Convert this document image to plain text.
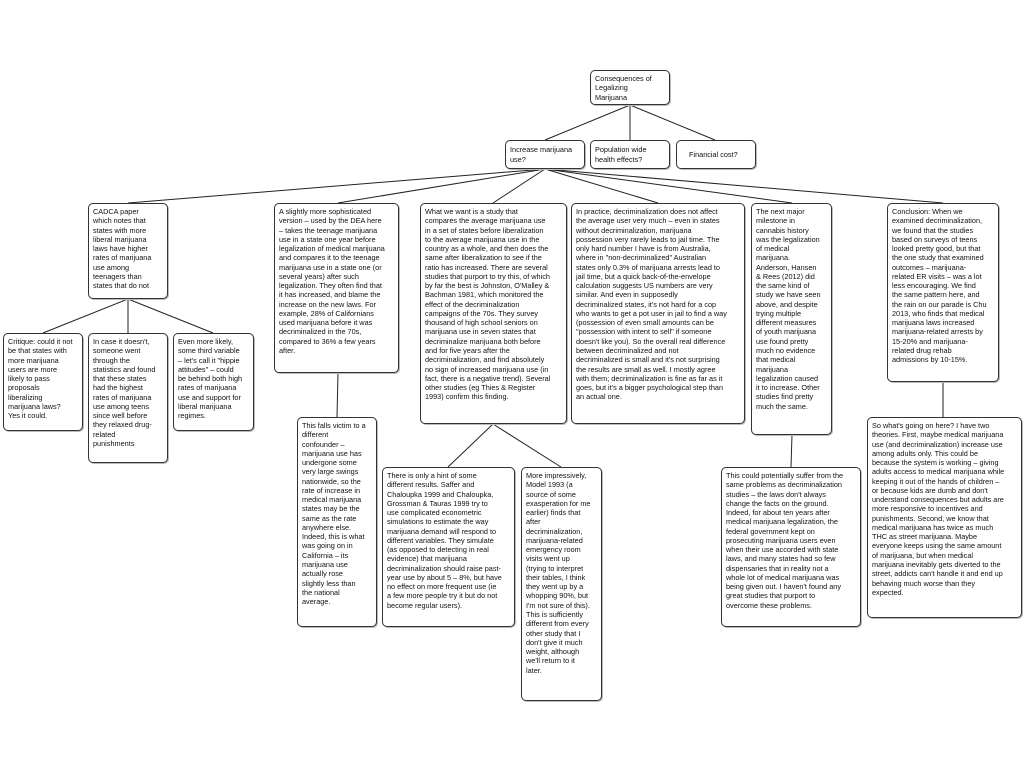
Consequences of
Legalizing
Marijuana
Increase marijuana
use?
Population wide
health effects?
Financial cost?
CADCA paper
which notes that
states with more
liberal marijuana
laws have higher
rates of marijuana
use among
teenagers than
states that do not
Critique: could it not
be that states with
more marijuana
users are more
likely to pass
proposals
liberalizing
marijuana laws?
Yes it could.
In case it doesn't,
someone went
through the
statistics and found
that these states
had the highest
rates of marijuana
use among teens
since well before
they relaxed drug-
related
punishments
Even more likely,
some third variable
– let's call it "hippie
attitudes" – could
be behind both high
rates of marijuana
use and support for
liberal marijuana
regimes.
A slightly more sophisticated
version – used by the DEA here
– takes the teenage marijuana
use in a state one year before
legalization of medical marijuana
and compares it to the teenage
marijuana use in a state one (or
several years) after such
legalization. They often find that
it has increased, and blame the
increase on the new laws. For
example, 28% of Californians
used marijuana before it was
decriminalized in the 70s,
compared to 36% a few years
after.
This falls victim to a
different
confounder –
marijuana use has
undergone some
very large swings
nationwide, so the
rate of increase in
medical marijuana
states may be the
same as the rate
anywhere else.
Indeed, this is what
was going on in
California – its
marijuana use
actually rose
slightly less than
the national
average.
What we want is a study that
compares the average marijuana use
in a set of states before liberalization
to the average marijuana use in the
country as a whole, and then does the
same after liberalization to see if the
ratio has increased. There are several
studies that purport to try this, of which
by far the best is Johnston, O'Malley &
Bachman 1981, which monitored the
effect of the decriminalization
campaigns of the 70s. They survey
thousand of high school seniors on
marijuana use in seven states that
decriminalize marijuana both before
and for five years after the
decriminalization, and find absolutely
no sign of increased marijuana use (in
fact, there is a negative trend). Several
other studies (eg Thies & Register
1993) confirm this finding.
There is only a hint of some
different results. Saffer and
Chaloupka 1999 and Chaloupka,
Grossman & Tauras 1999 try to
use complicated econometric
simulations to estimate the way
marijuana demand will respond to
different variables. They simulate
(as opposed to detecting in real
evidence) that marijuana
decriminalization should raise past-
year use by about 5 – 8%, but have
no effect on more frequent use (ie
a few more people try it but do not
become regular users).
More impressively,
Model 1993 (a
source of some
exasperation for me
earlier) finds that
after
decriminalization,
marijuana-related
emergency room
visits went up
(trying to interpret
their tables, I think
they went up by a
whopping 90%, but
I'm not sure of this).
This is sufficiently
different from every
other study that I
don't give it much
weight, although
we'll return to it
later.
In practice, decriminalization does not affect
the average user very much – even in states
without decriminalization, marijuana
possession very rarely leads to jail time. The
only hard number I have is from Australia,
where in "non-decriminalized" Australian
states only 0.3% of marijuana arrests lead to
jail time, but a quick back-of-the-envelope
calculation suggests US numbers are very
similar. And even in supposedly
decriminalized states, it's not hard for a cop
who wants to get a pot user in jail to find a way
(possession of even small amounts can be
"possession with intent to sell" if someone
doesn't like you). So the overall real difference
between decriminalized and not
decriminalized is small and it's not surprising
the results are small as well. I mostly agree
with them; decriminalization is fine as far as it
goes, but it's a bigger psychological step than
an actual one.
The next major
milestone in
cannabis history
was the legalization
of medical
marijuana.
Anderson, Hansen
& Rees (2012) did
the same kind of
study we have seen
above, and despite
trying multiple
different measures
of youth marijuana
use found pretty
much no evidence
that medical
marijuana
legalization caused
it to increase. Other
studies find pretty
much the same.
This could potentially suffer from the
same problems as decriminalization
studies – the laws don't always
change the facts on the ground.
Indeed, for about ten years after
medical marijuana legalization, the
federal government kept on
prosecuting marijuana users even
when their use accorded with state
laws, and many states had so few
dispensaries that in reality not a
whole lot of medical marijuana was
being given out. I haven't found any
great studies that purport to
overcome these problems.
Conclusion: When we
examined decriminalization,
we found that the studies
based on surveys of teens
looked pretty good, but that
the one study that examined
outcomes – marijuana-
related ER visits – was a lot
less encouraging. We find
the same pattern here, and
the rain on our parade is Chu
2013, who finds that medical
marijuana laws increased
marijuana-related arrests by
15-20% and marijuana-
related drug rehab
admissions by 10-15%.
So what's going on here? I have two
theories. First, maybe medical marijuana
use (and decriminalization) increase use
among adults only. This could be
because the system is working – giving
adults access to medical marijuana while
keeping it out of the hands of children –
or because kids are dumb and don't
understand consequences but adults are
more responsive to incentives and
punishments. Second, we know that
medical marijuana has twice as much
THC as street marijuana. Maybe
everyone keeps using the same amount
of marijuana, but when medical
marijuana inevitably gets diverted to the
street, addicts can't handle it and end up
behaving much worse than they
expected.
